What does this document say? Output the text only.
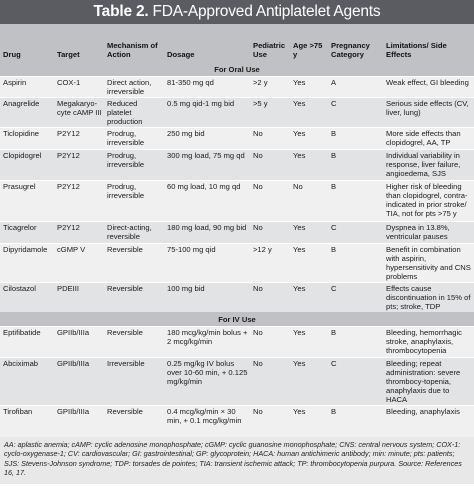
Table 2. FDA-Approved Antiplatelet Agents
Drug	Target	Mechanism of Action	Dosage	Pediatric Use	Age >75 y	Pregnancy Category	Limitations/ Side Effects
For Oral Use							
Aspirin	COX-1	Direct action, irreversible	81-350 mg qd	>2 y	Yes	A	Weak effect, GI bleeding
Anagrelide	Megakaryo-cyte cAMP III	Reduced platelet production	0.5 mg qid-1 mg bid	>5 y	Yes	C	Serious side effects (CV, liver, lung)
Ticlopidine	P2Y12	Prodrug, irreversible	250 mg bid	No	Yes	B	More side effects than clopidogrel, AA, TP
Clopidogrel	P2Y12	Prodrug, irreversible	300 mg load, 75 mg qd	No	Yes	B	Individual variability in response, liver failure, angioedema, SJS
Prasugrel	P2Y12	Prodrug, irreversible	60 mg load, 10 mg qd	No	No	B	Higher risk of bleeding than clopidogrel, contra-indicated in prior stroke/ TIA, not for pts >75 y
Ticagrelor	P2Y12	Direct-acting, reversible	180 mg load, 90 mg bid	No	Yes	C	Dyspnea in 13.8%, ventricular pauses
Dipyridamole	cGMP V	Reversible	75-100 mg qid	>12 y	Yes	B	Benefit in combination with aspirin, hypersensitivity and CNS problems
Cilostazol	PDEIII	Reversible	100 mg bid	No	Yes	C	Effects cause discontinuation in 15% of pts; stroke, TDP
For IV Use							
Eptifibatide	GPIIb/IIIa	Reversible	180 mcg/kg/min bolus + 2 mcg/kg/min	No	Yes	B	Bleeding, hemorrhagic stroke, anaphylaxis, thrombocytopenia
Abciximab	GPIIb/IIIa	Irreversible	0.25 mg/kg IV bolus over 10-60 min, + 0.125 mg/kg/min	No	Yes	C	Bleeding; repeat administration: severe thrombocy-topenia, anaphylaxis due to HACA
Tirofiban	GPIIb/IIIa	Reversible	0.4 mcg/kg/min × 30 min, + 0.1 mcg/kg/min	No	Yes	B	Bleeding, anaphylaxis
AA: aplastic anemia; cAMP: cyclic adenosine monophosphate; cGMP: cyclic guanosine monophosphate; CNS: central nervous system; COX-1: cyclo-oxygenase-1; CV: cardiovascular; GI: gastrointestinal; GP: glycoprotein; HACA: human antichimeric antibody; min: minute; pts: patients; SJS: Stevens-Johnson syndrome; TDP: torsades de pointes; TIA: transient ischemic attack; TP: thrombocytopenia purpura. Source: References 16, 17.
